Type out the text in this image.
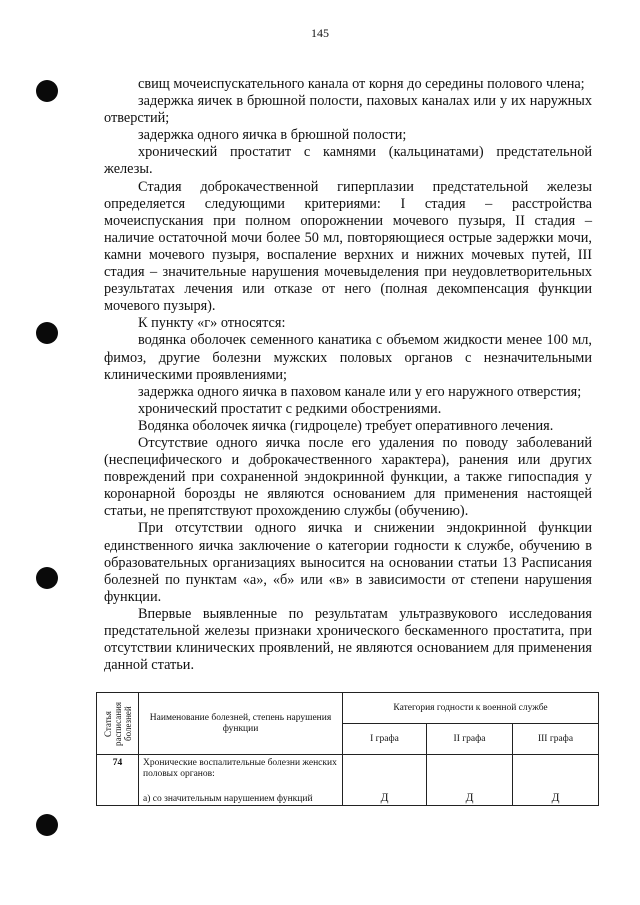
145

свищ мочеиспускательного канала от корня до середины полового члена;

задержка яичек в брюшной полости, паховых каналах или у их наружных отверстий;

задержка одного яичка в брюшной полости;

хронический простатит с камнями (кальцинатами) предстательной железы.

Стадия доброкачественной гиперплазии предстательной железы определяется следующими критериями: I стадия – расстройства мочеиспускания при полном опорожнении мочевого пузыря, II стадия – наличие остаточной мочи более 50 мл, повторяющиеся острые задержки мочи, камни мочевого пузыря, воспаление верхних и нижних мочевых путей, III стадия – значительные нарушения мочевыделения при неудовлетворительных результатах лечения или отказе от него (полная декомпенсация функции мочевого пузыря).

К пункту «г» относятся:

водянка оболочек семенного канатика с объемом жидкости менее 100 мл, фимоз, другие болезни мужских половых органов с незначительными клиническими проявлениями;

задержка одного яичка в паховом канале или у его наружного отверстия;

хронический простатит с редкими обострениями.

Водянка оболочек яичка (гидроцеле) требует оперативного лечения.

Отсутствие одного яичка после его удаления по поводу заболеваний (неспецифического и доброкачественного характера), ранения или других повреждений при сохраненной эндокринной функции, а также гипоспадия у коронарной борозды не являются основанием для применения настоящей статьи, не препятствуют прохождению службы (обучению).

При отсутствии одного яичка и снижении эндокринной функции единственного яичка заключение о категории годности к службе, обучению в образовательных организациях выносится на основании статьи 13 Расписания болезней по пунктам «а», «б» или «в» в зависимости от степени нарушения функции.

Впервые выявленные по результатам ультразвукового исследования предстательной железы признаки хронического бескаменного простатита, при отсутствии клинических проявлений, не являются основанием для применения данной статьи.

Статья расписания болезней	Наименование болезней, степень нарушения функции	Категория годности к военной службе		
		I графа	II графа	III графа
74	Хронические воспалительные болезни женских половых органов:
а) со значительным нарушением функций	Д	Д	Д
